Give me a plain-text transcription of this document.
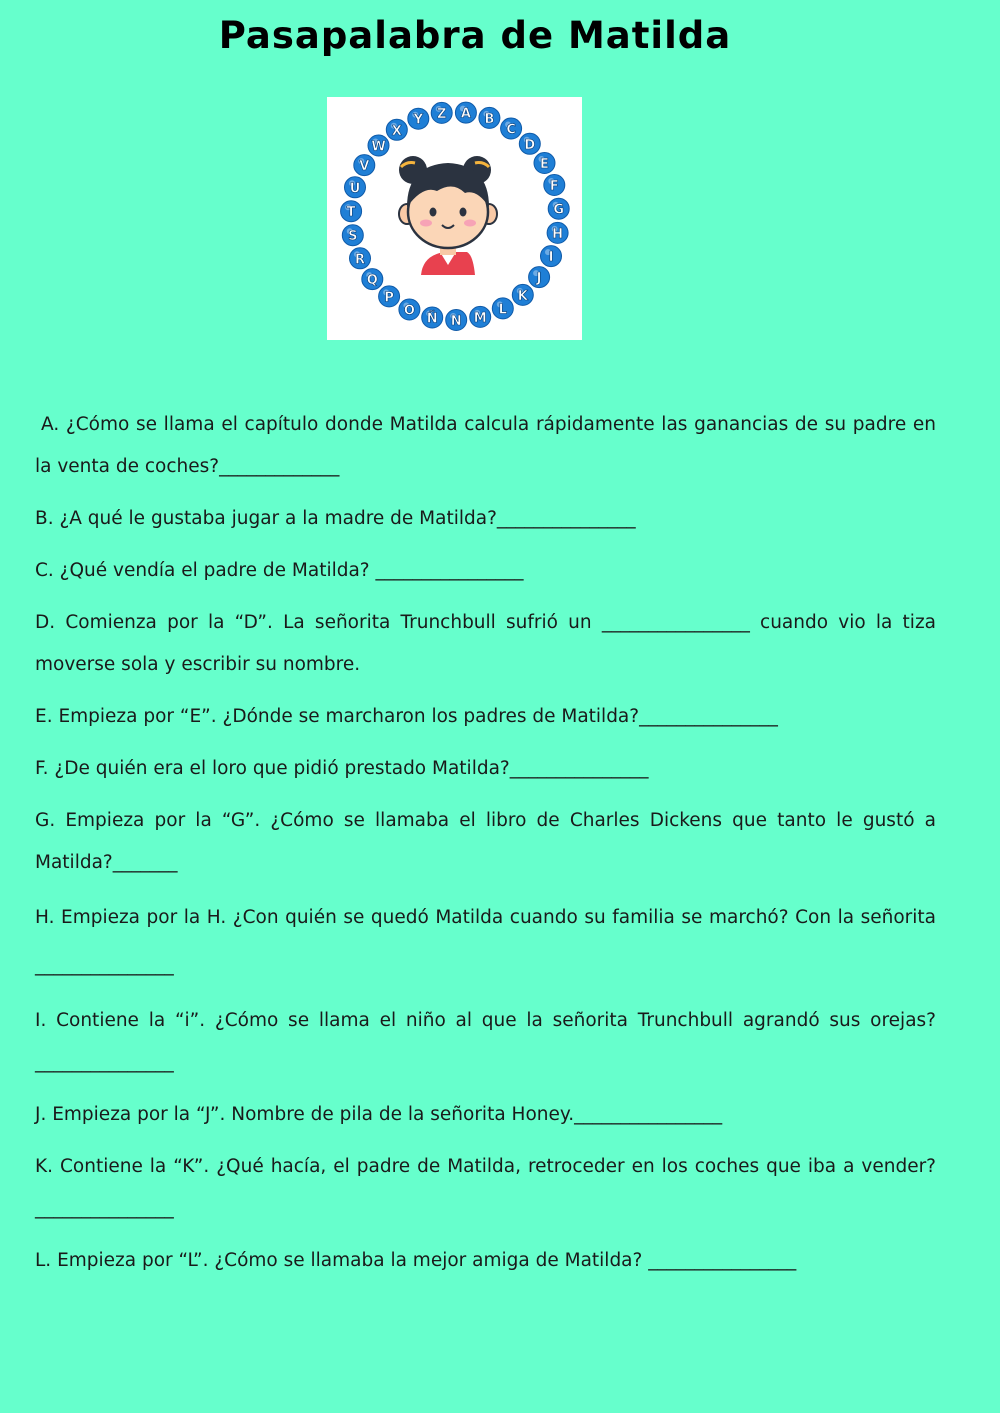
Pasapalabra de Matilda
A B
C
D
E
F
G
H
I
J
K
L
M
N
Ñ
O
P
Q
R
S
T
U
V
W
X
Y Z

A. ¿Cómo se llama el capítulo donde Matilda calcula rápidamente las ganancias de su padre en la venta de coches?_____________

B. ¿A qué le gustaba jugar a la madre de Matilda?_______________

C. ¿Qué vendía el padre de Matilda? ________________

D. Comienza por la “D”. La señorita Trunchbull sufrió un ________________ cuando vio la tiza moverse sola y escribir su nombre.

E. Empieza por “E”. ¿Dónde se marcharon los padres de Matilda?_______________

F. ¿De quién era el loro que pidió prestado Matilda?_______________

G. Empieza por la “G”. ¿Cómo se llamaba el libro de Charles Dickens que tanto le gustó a Matilda?_______

H. Empieza por la H. ¿Con quién se quedó Matilda cuando su familia se marchó? Con la señorita _______________

I. Contiene la “i”. ¿Cómo se llama el niño al que la señorita Trunchbull agrandó sus orejas?_______________

J. Empieza por la “J”. Nombre de pila de la señorita Honey.________________

K. Contiene la “K”. ¿Qué hacía, el padre de Matilda, retroceder en los coches que iba a vender?_______________

L. Empieza por “L”. ¿Cómo se llamaba la mejor amiga de Matilda? ________________
